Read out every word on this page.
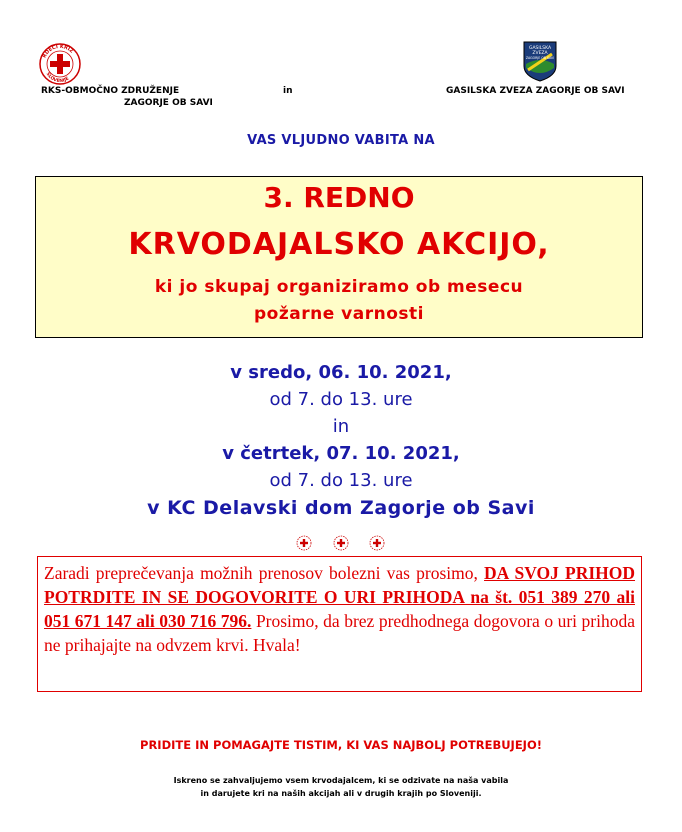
RDEČI KRIŽ
SLOVENIJE
GASILSKA
ZVEZA
ZAGORJE OB SAVI
RKS-OBMOČNO ZDRUŽENJE
ZAGORJE OB SAVI
in	GASILSKA ZVEZA ZAGORJE OB SAVI
VAS VLJUDNO VABITA NA
3. REDNO
KRVODAJALSKO AKCIJO,
ki jo skupaj organiziramo ob mesecu
požarne varnosti
v sredo, 06. 10. 2021,
od 7. do 13. ure
in
v četrtek, 07. 10. 2021,
od 7. do 13. ure
v KC Delavski dom Zagorje ob Savi
Zaradi preprečevanja možnih prenosov bolezni vas prosimo, DA SVOJ PRIHOD POTRDITE IN SE DOGOVORITE O URI PRIHODA na št. 051 389 270 ali 051 671 147 ali 030 716 796. Prosimo, da brez predhodnega dogovora o uri prihoda ne prihajajte na odvzem krvi. Hvala!
PRIDITE IN POMAGAJTE TISTIM, KI VAS NAJBOLJ POTREBUJEJO!
Iskreno se zahvaljujemo vsem krvodajalcem, ki se odzivate na naša vabila
in darujete kri na naših akcijah ali v drugih krajih po Sloveniji.
